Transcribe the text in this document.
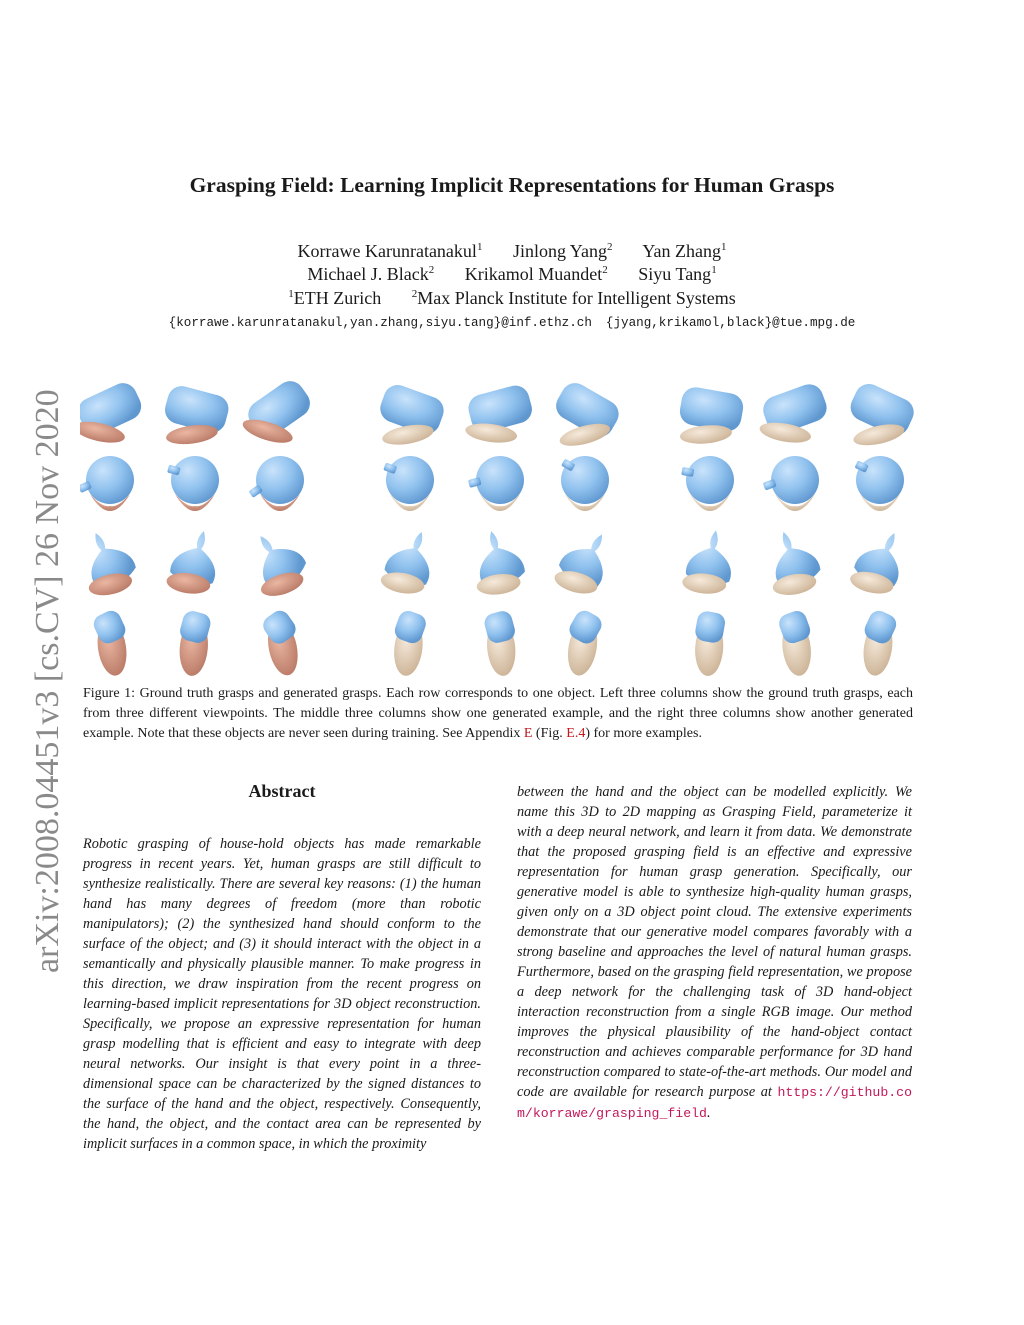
arXiv:2008.04451v3 [cs.CV] 26 Nov 2020
Grasping Field: Learning Implicit Representations for Human Grasps
Korrawe Karunratanakul$^1$ Jinlong Yang$^2$ Yan Zhang$^1$
Michael J. Black$^2$ Krikamol Muandet$^2$ Siyu Tang$^1$
$^1$ETH Zurich	$^2$Max Planck Institute for Intelligent Systems
{korrawe.karunratanakul,yan.zhang,siyu.tang}@inf.ethz.ch {jyang,krikamol,black}@tue.mpg.de
Figure 1: Ground truth grasps and generated grasps. Each row corresponds to one object. Left three columns show the ground truth grasps, each from three different viewpoints. The middle three columns show one generated example, and the right three columns show another generated example. Note that these objects are never seen during training. See Appendix E (Fig. E.4) for more examples.
Abstract
Robotic grasping of house-hold objects has made remarkable progress in recent years. Yet, human grasps are still difficult to synthesize realistically. There are several key reasons: (1) the human hand has many degrees of freedom (more than robotic manipulators); (2) the synthesized hand should conform to the surface of the object; and (3) it should interact with the object in a semantically and physically plausible manner. To make progress in this direction, we draw inspiration from the recent progress on learning-based implicit representations for 3D object reconstruction. Specifically, we propose an expressive representation for human grasp modelling that is efficient and easy to integrate with deep neural networks. Our insight is that every point in a three-dimensional space can be characterized by the signed distances to the surface of the hand and the object, respectively. Consequently, the hand, the object, and the contact area can be represented by implicit surfaces in a common space, in which the proximity
between the hand and the object can be modelled explicitly. We name this 3D to 2D mapping as Grasping Field, parameterize it with a deep neural network, and learn it from data. We demonstrate that the proposed grasping field is an effective and expressive representation for human grasp generation. Specifically, our generative model is able to synthesize high-quality human grasps, given only on a 3D object point cloud. The extensive experiments demonstrate that our generative model compares favorably with a strong baseline and approaches the level of natural human grasps. Furthermore, based on the grasping field representation, we propose a deep network for the challenging task of 3D hand-object interaction reconstruction from a single RGB image. Our method improves the physical plausibility of the hand-object contact reconstruction and achieves comparable performance for 3D hand reconstruction compared to state-of-the-art methods. Our model and code are available for research purpose at https://github.com/korrawe/grasping_field.
